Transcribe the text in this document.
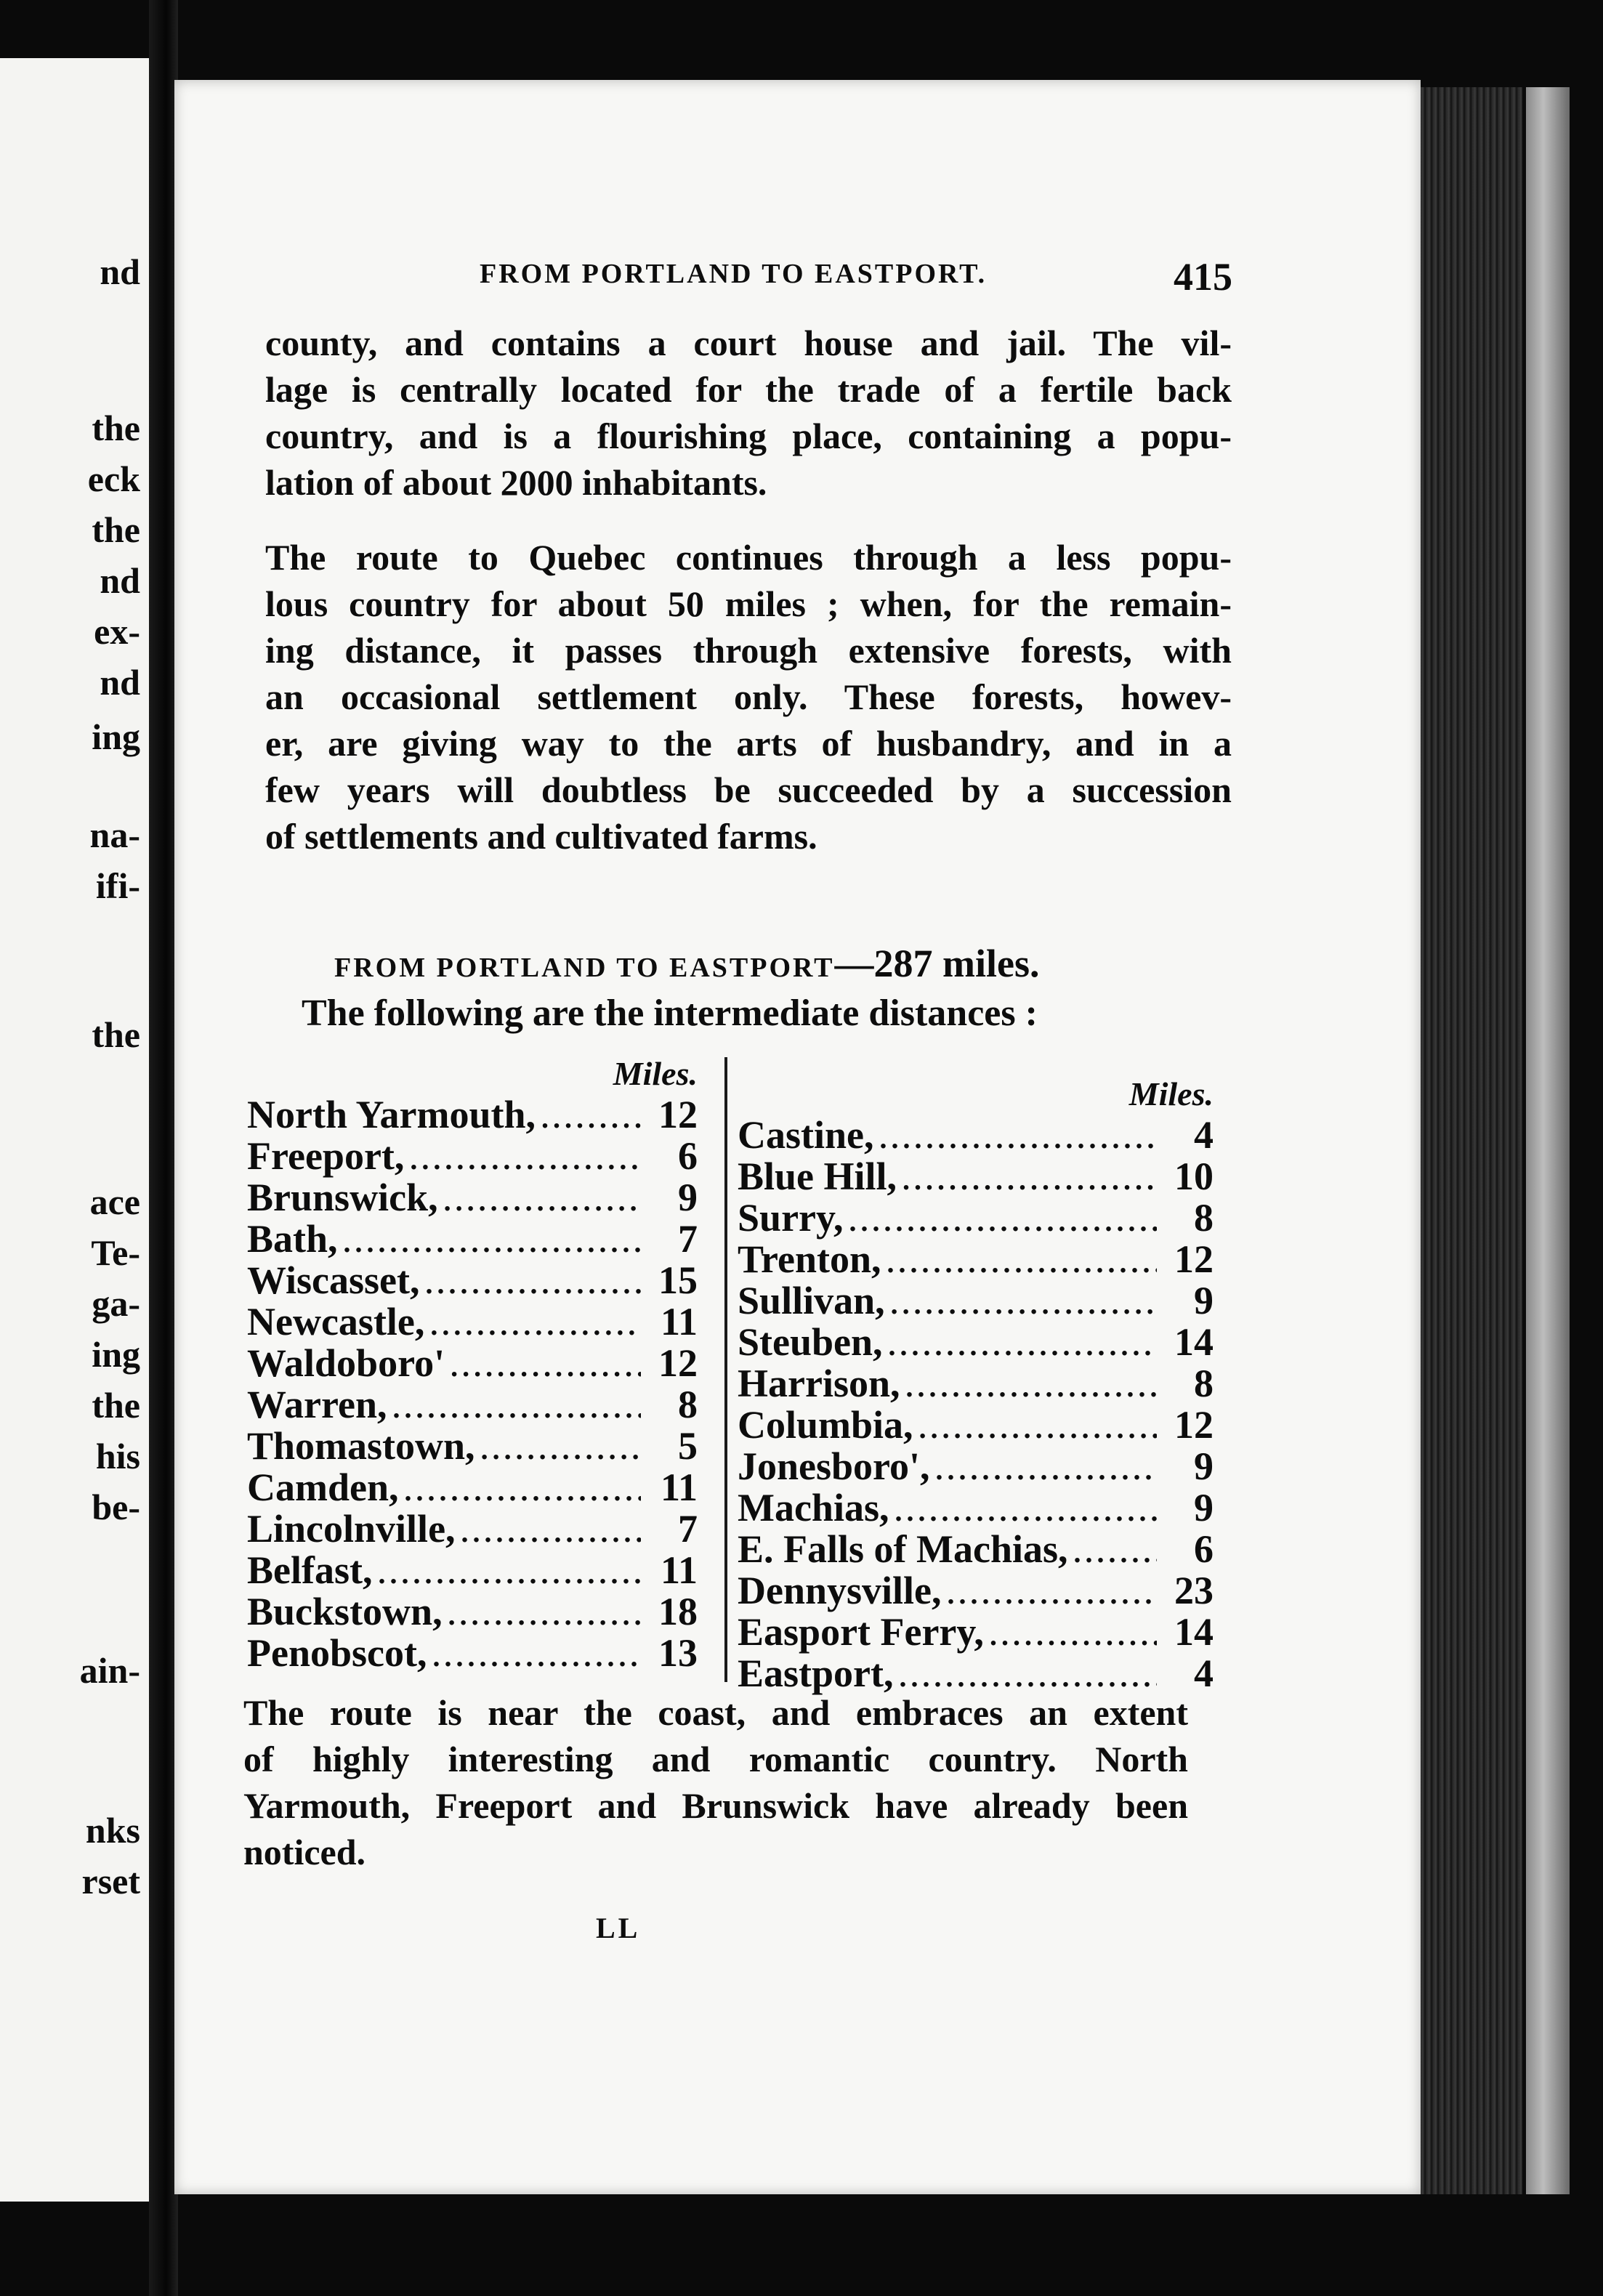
nd
the
eck
the
nd
ex-
nd
ing
na-
ifi-
the
ace
Te-
ga-
ing
the
his
be-
ain-
nks
rset
FROM PORTLAND TO EASTPORT.	415
county, and contains a court house and jail. The vil-
lage is centrally located for the trade of a fertile back
country, and is a flourishing place, containing a popu-
lation of about 2000 inhabitants.
The route to Quebec continues through a less popu-
lous country for about 50 miles ; when, for the remain-
ing distance, it passes through extensive forests, with
an occasional settlement only. These forests, howev-
er, are giving way to the arts of husbandry, and in a
few years will doubtless be succeeded by a succession
of settlements and cultivated farms.
FROM PORTLAND TO EASTPORT—287 miles.
The following are the intermediate distances :
Miles.
North Yarmouth, .....	12
Freeport, .....	6
Brunswick, .....	9
Bath, .....	7
Wiscasset, .....	15
Newcastle, .....	11
Waldoboro' .....	12
Warren, .....	8
Thomastown, .....	5
Camden, .....	11
Lincolnville, .....	7
Belfast, .....	11
Buckstown, .....	18
Penobscot, .....	13
Miles.
Castine, .....	4
Blue Hill, .....	10
Surry, .....	8
Trenton, .....	12
Sullivan, .....	9
Steuben, .....	14
Harrison, .....	8
Columbia, .....	12
Jonesboro', .....	9
Machias, .....	9
E. Falls of Machias, .....	6
Dennysville, .....	23
Easport Ferry, .....	14
Eastport, .....	4
The route is near the coast, and embraces an extent
of highly interesting and romantic country. North
Yarmouth, Freeport and Brunswick have already been
noticed.
LL
